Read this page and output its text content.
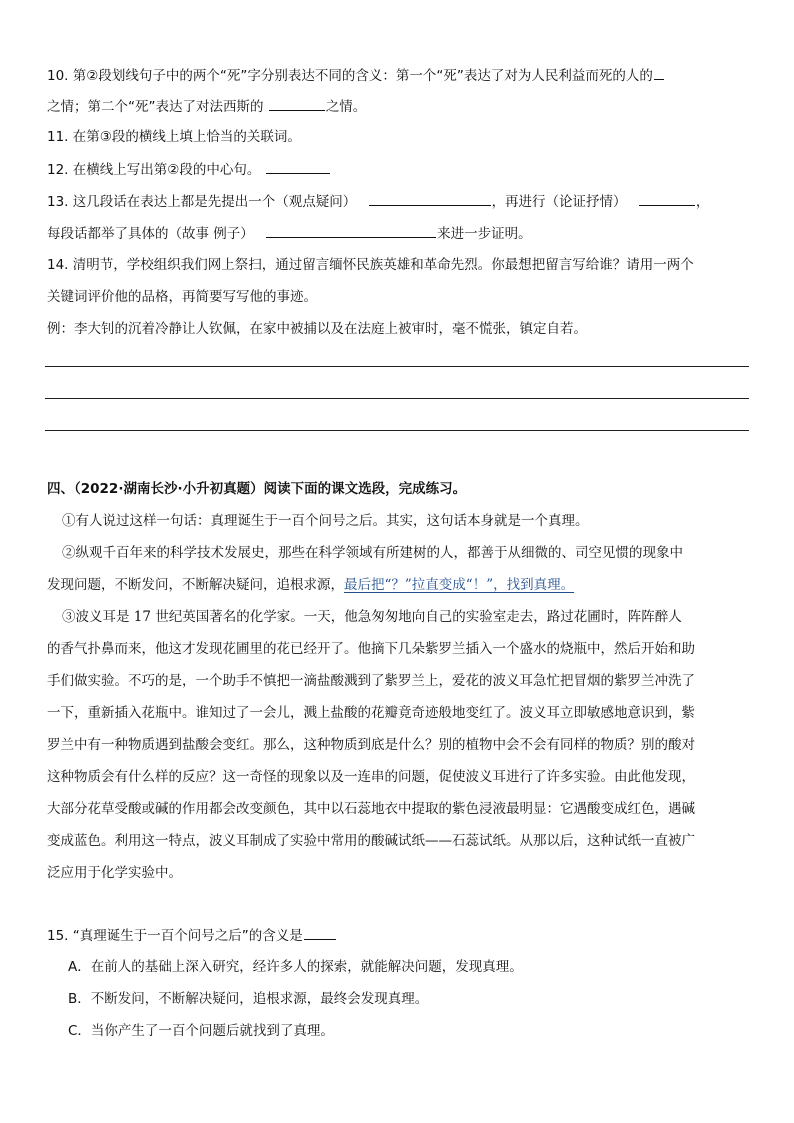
10. 第②段划线句子中的两个“死”字分别表达不同的含义：第一个“死”表达了对为人民利益而死的人的
之情；第二个“死”表达了对法西斯的	之情。
11. 在第③段的横线上填上恰当的关联词。
12. 在横线上写出第②段的中心句。
13. 这几段话在表达上都是先提出一个（观点疑问）	，再进行（论证抒情）	，
每段话都举了具体的（故事 例子）	来进一步证明。
14. 清明节，学校组织我们网上祭扫，通过留言缅怀民族英雄和革命先烈。你最想把留言写给谁？请用一两个
关键词评价他的品格，再简要写写他的事迹。
例：李大钊的沉着冷静让人钦佩，在家中被捕以及在法庭上被审时，毫不慌张，镇定自若。
四、（2022·湖南长沙·小升初真题）阅读下面的课文选段，完成练习。
①有人说过这样一句话：真理诞生于一百个问号之后。其实，这句话本身就是一个真理。
②纵观千百年来的科学技术发展史，那些在科学领域有所建树的人，都善于从细微的、司空见惯的现象中
发现问题，不断发问，不断解决疑问，追根求源，最后把“？”拉直变成“！”，找到真理。
③波义耳是 17 世纪英国著名的化学家。一天，他急匆匆地向自己的实验室走去，路过花圃时，阵阵醉人
的香气扑鼻而来，他这才发现花圃里的花已经开了。他摘下几朵紫罗兰插入一个盛水的烧瓶中，然后开始和助
手们做实验。不巧的是，一个助手不慎把一滴盐酸溅到了紫罗兰上，爱花的波义耳急忙把冒烟的紫罗兰冲洗了
一下，重新插入花瓶中。谁知过了一会儿，溅上盐酸的花瓣竟奇迹般地变红了。波义耳立即敏感地意识到，紫
罗兰中有一种物质遇到盐酸会变红。那么，这种物质到底是什么？别的植物中会不会有同样的物质？别的酸对
这种物质会有什么样的反应？这一奇怪的现象以及一连串的问题，促使波义耳进行了许多实验。由此他发现，
大部分花草受酸或碱的作用都会改变颜色，其中以石蕊地衣中提取的紫色浸液最明显：它遇酸变成红色，遇碱
变成蓝色。利用这一特点，波义耳制成了实验中常用的酸碱试纸——石蕊试纸。从那以后，这种试纸一直被广
泛应用于化学实验中。
15. “真理诞生于一百个问号之后”的含义是
A．在前人的基础上深入研究，经许多人的探索，就能解决问题，发现真理。
B．不断发问，不断解决疑问，追根求源，最终会发现真理。
C．当你产生了一百个问题后就找到了真理。
